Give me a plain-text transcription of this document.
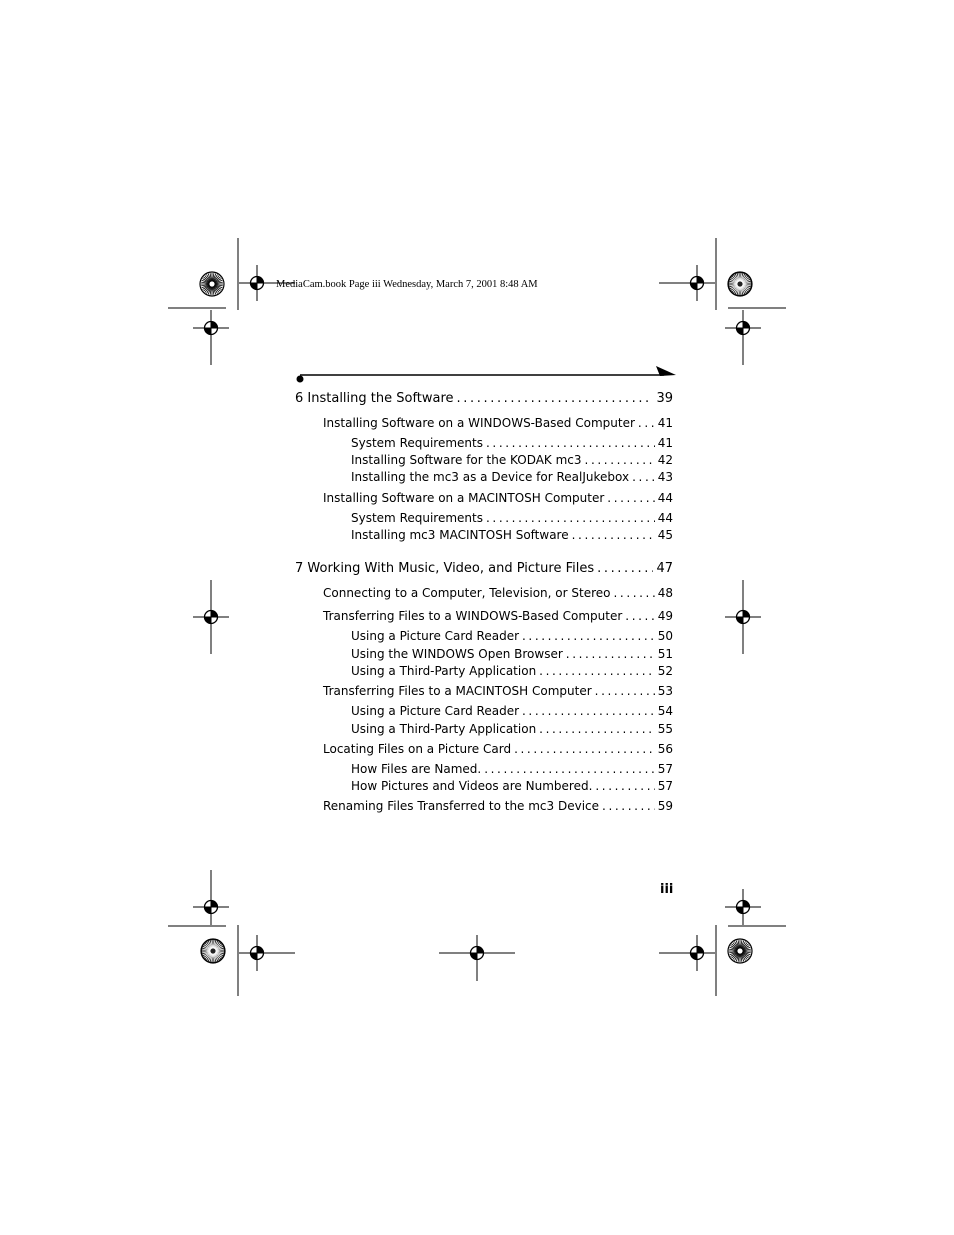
MediaCam.book Page iii Wednesday, March 7, 2001 8:48 AM
6 Installing the Software .....	39
Installing Software on a WINDOWS-Based Computer ..... 41
System Requirements .....	41
Installing Software for the KODAK mc3 .....	42
Installing the mc3 as a Device for RealJukebox ..... 43
Installing Software on a MACINTOSH Computer .....	44
System Requirements .....	44
Installing mc3 MACINTOSH Software .....	45
7 Working With Music, Video, and Picture Files .....	47
Connecting to a Computer, Television, or Stereo .....	48
Transferring Files to a WINDOWS-Based Computer .....	49
Using a Picture Card Reader .....	50
Using the WINDOWS Open Browser .....	51
Using a Third-Party Application .....	52
Transferring Files to a MACINTOSH Computer .....	53
Using a Picture Card Reader .....	54
Using a Third-Party Application .....	55
Locating Files on a Picture Card .....	56
How Files are Named. .....	57
How Pictures and Videos are Numbered. .....	57
Renaming Files Transferred to the mc3 Device .....	59
iii
